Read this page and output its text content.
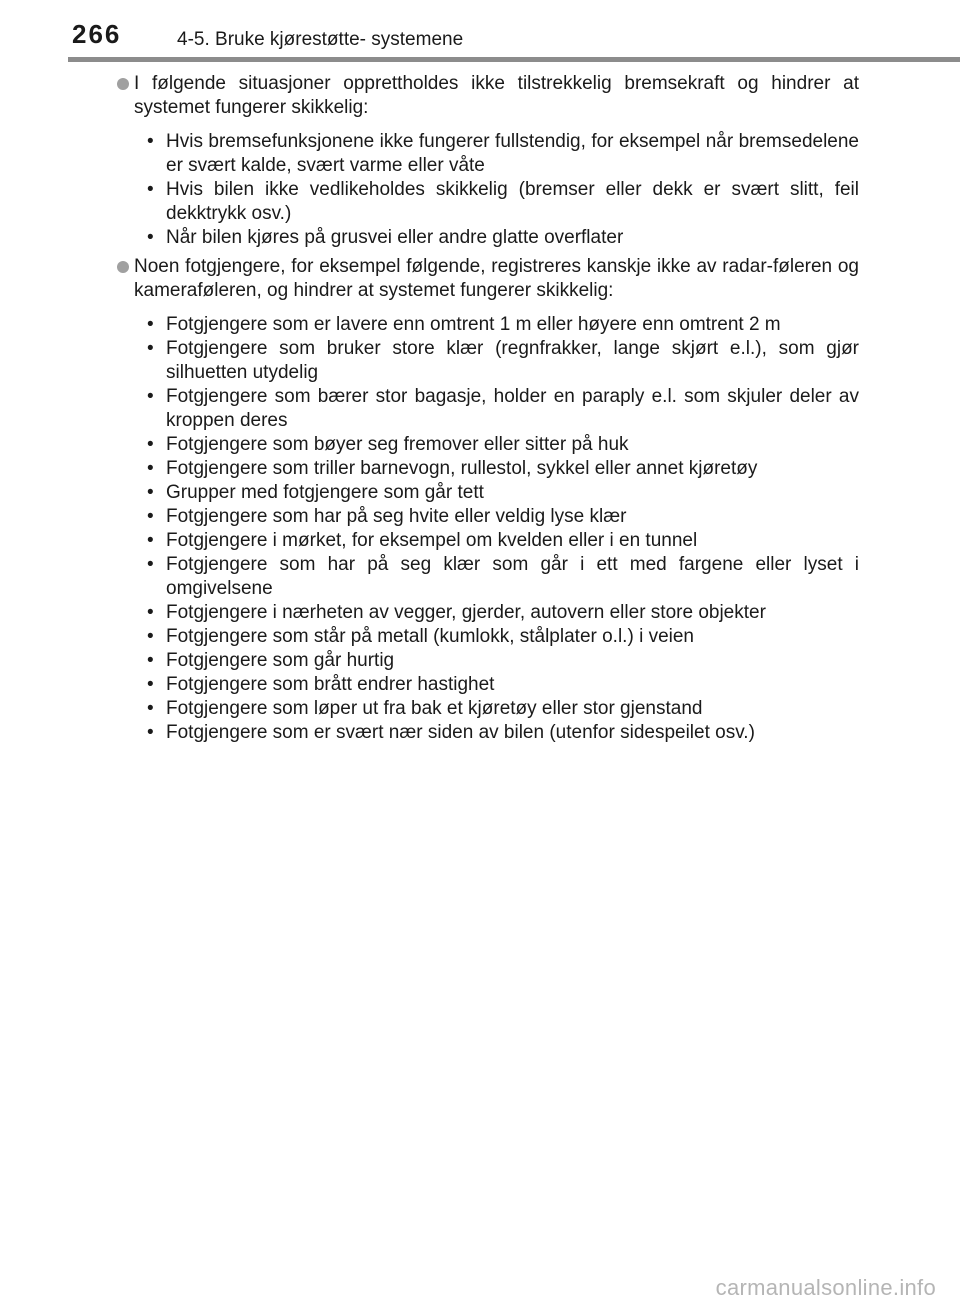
266	4-5. Bruke kjørestøtte- systemene
I følgende situasjoner opprettholdes ikke tilstrekkelig bremsekraft og hindrer at systemet fungerer skikkelig:
• Hvis bremsefunksjonene ikke fungerer fullstendig, for eksempel når bremsedelene er svært kalde, svært varme eller våte
• Hvis bilen ikke vedlikeholdes skikkelig (bremser eller dekk er svært slitt, feil dekktrykk osv.)
• Når bilen kjøres på grusvei eller andre glatte overflater
Noen fotgjengere, for eksempel følgende, registreres kanskje ikke av radar-føleren og kameraføleren, og hindrer at systemet fungerer skikkelig:
• Fotgjengere som er lavere enn omtrent 1 m eller høyere enn omtrent 2 m
• Fotgjengere som bruker store klær (regnfrakker, lange skjørt e.l.), som gjør silhuetten utydelig
• Fotgjengere som bærer stor bagasje, holder en paraply e.l. som skjuler deler av kroppen deres
• Fotgjengere som bøyer seg fremover eller sitter på huk
• Fotgjengere som triller barnevogn, rullestol, sykkel eller annet kjøretøy
• Grupper med fotgjengere som går tett
• Fotgjengere som har på seg hvite eller veldig lyse klær
• Fotgjengere i mørket, for eksempel om kvelden eller i en tunnel
• Fotgjengere som har på seg klær som går i ett med fargene eller lyset i omgivelsene
• Fotgjengere i nærheten av vegger, gjerder, autovern eller store objekter
• Fotgjengere som står på metall (kumlokk, stålplater o.l.) i veien
• Fotgjengere som går hurtig
• Fotgjengere som brått endrer hastighet
• Fotgjengere som løper ut fra bak et kjøretøy eller stor gjenstand
• Fotgjengere som er svært nær siden av bilen (utenfor sidespeilet osv.)
carmanualsonline.info
